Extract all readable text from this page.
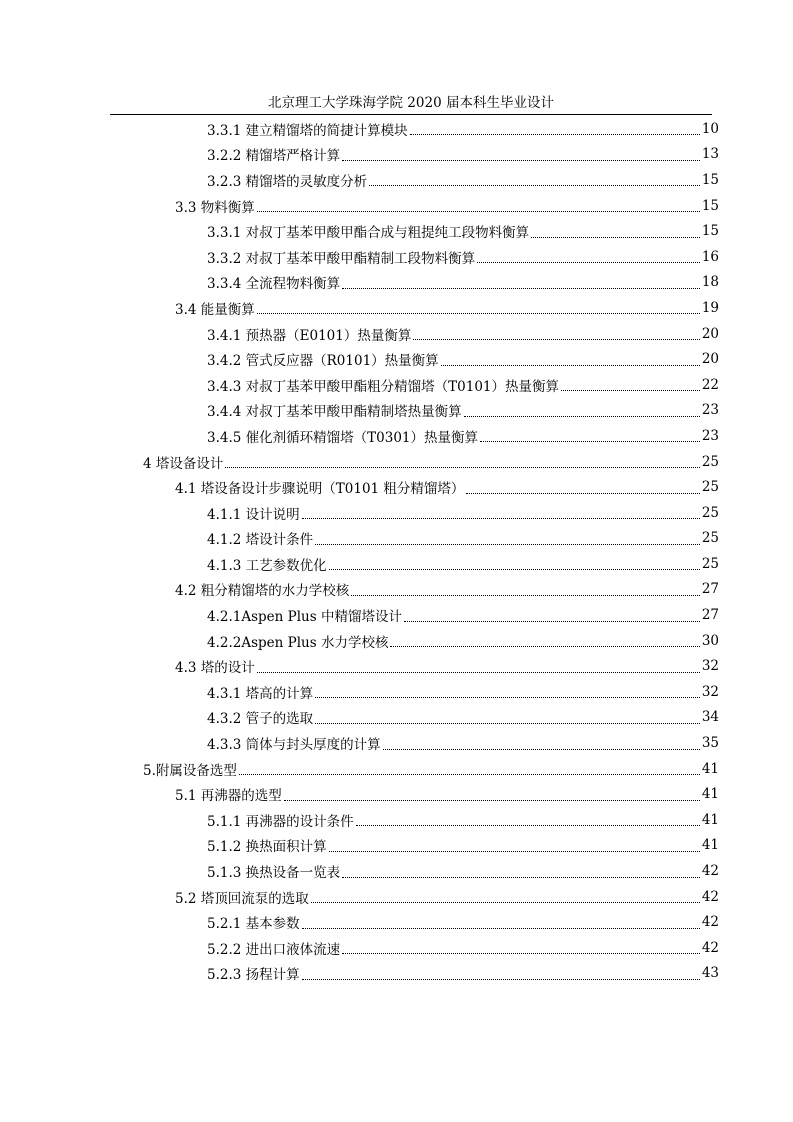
北京理工大学珠海学院 2020 届本科生毕业设计
3.3.1 建立精馏塔的简捷计算模块	10
3.2.2 精馏塔严格计算	13
3.2.3 精馏塔的灵敏度分析	15
3.3 物料衡算	15
3.3.1 对叔丁基苯甲酸甲酯合成与粗提纯工段物料衡算	15
3.3.2 对叔丁基苯甲酸甲酯精制工段物料衡算	16
3.3.4 全流程物料衡算	18
3.4 能量衡算	19
3.4.1 预热器（E0101）热量衡算	20
3.4.2 管式反应器（R0101）热量衡算	20
3.4.3 对叔丁基苯甲酸甲酯粗分精馏塔（T0101）热量衡算	22
3.4.4 对叔丁基苯甲酸甲酯精制塔热量衡算	23
3.4.5 催化剂循环精馏塔（T0301）热量衡算	23
4 塔设备设计	25
4.1 塔设备设计步骤说明（T0101 粗分精馏塔）	25
4.1.1 设计说明	25
4.1.2 塔设计条件	25
4.1.3 工艺参数优化	25
4.2 粗分精馏塔的水力学校核	27
4.2.1Aspen Plus 中精馏塔设计	27
4.2.2Aspen Plus 水力学校核	30
4.3 塔的设计	32
4.3.1 塔高的计算	32
4.3.2 管子的选取	34
4.3.3 筒体与封头厚度的计算	35
5.附属设备选型	41
5.1 再沸器的选型	41
5.1.1 再沸器的设计条件	41
5.1.2 换热面积计算	41
5.1.3 换热设备一览表	42
5.2 塔顶回流泵的选取	42
5.2.1 基本参数	42
5.2.2 进出口液体流速	42
5.2.3 扬程计算	43
